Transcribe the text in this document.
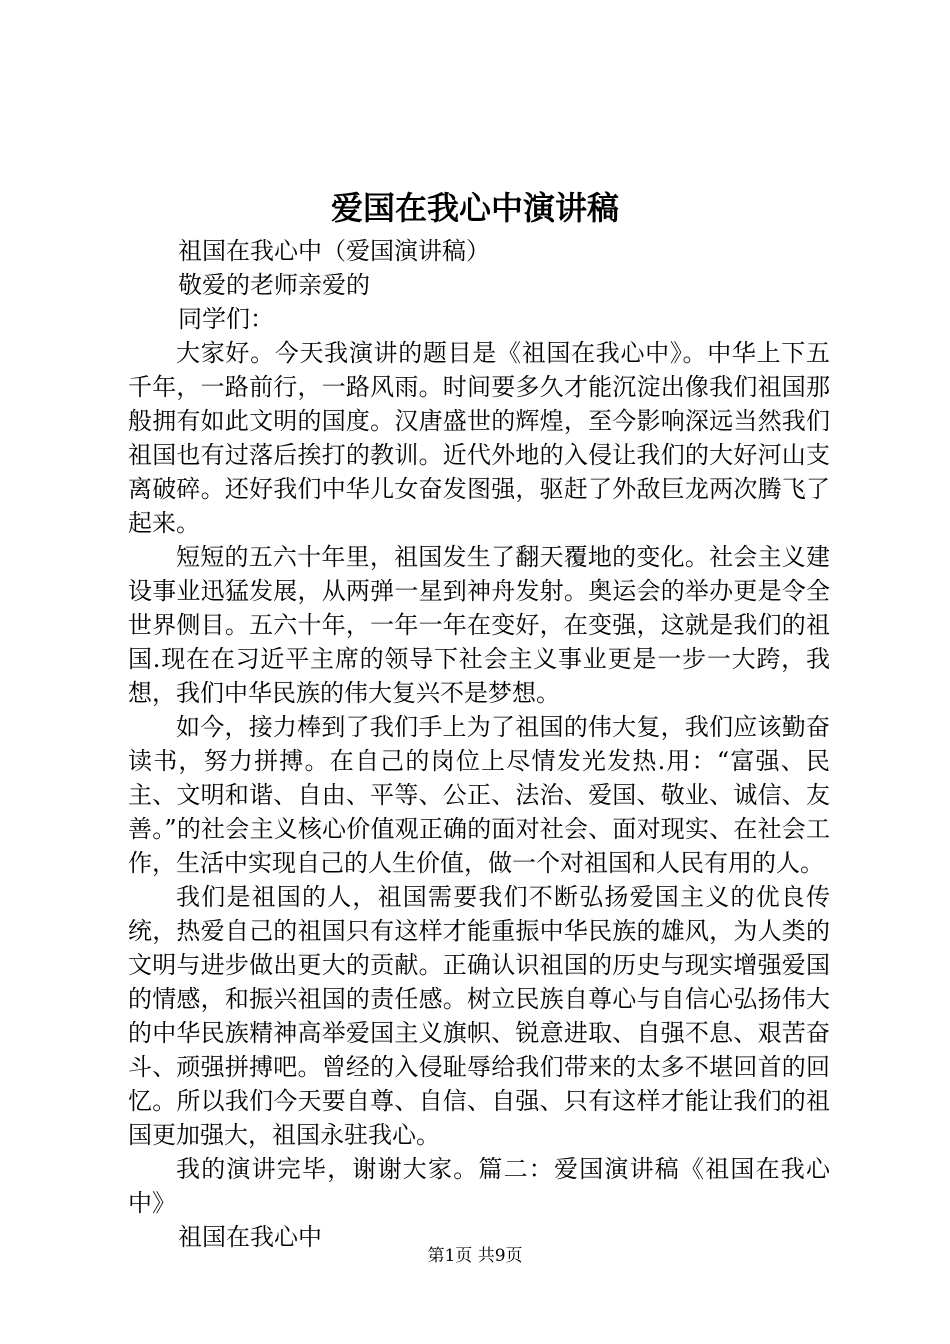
爱国在我心中演讲稿

祖国在我心中（爱国演讲稿）

敬爱的老师亲爱的

同学们：

大家好。今天我演讲的题目是《祖国在我心中》。中华上下五千年，一路前行，一路风雨。时间要多久才能沉淀出像我们祖国那般拥有如此文明的国度。汉唐盛世的辉煌，至今影响深远当然我们祖国也有过落后挨打的教训。近代外地的入侵让我们的大好河山支离破碎。还好我们中华儿女奋发图强，驱赶了外敌巨龙两次腾飞了起来。

短短的五六十年里，祖国发生了翻天覆地的变化。社会主义建设事业迅猛发展，从两弹一星到神舟发射。奥运会的举办更是令全世界侧目。五六十年，一年一年在变好，在变强，这就是我们的祖国.现在在习近平主席的领导下社会主义事业更是一步一大跨，我想，我们中华民族的伟大复兴不是梦想。

如今，接力棒到了我们手上为了祖国的伟大复，我们应该勤奋读书，努力拼搏。在自己的岗位上尽情发光发热.用：“富强、民主、文明和谐、自由、平等、公正、法治、爱国、敬业、诚信、友善。”的社会主义核心价值观正确的面对社会、面对现实、在社会工作，生活中实现自己的人生价值，做一个对祖国和人民有用的人。

我们是祖国的人，祖国需要我们不断弘扬爱国主义的优良传统，热爱自己的祖国只有这样才能重振中华民族的雄风，为人类的文明与进步做出更大的贡献。正确认识祖国的历史与现实增强爱国的情感，和振兴祖国的责任感。树立民族自尊心与自信心弘扬伟大的中华民族精神高举爱国主义旗帜、锐意进取、自强不息、艰苦奋斗、顽强拼搏吧。曾经的入侵耻辱给我们带来的太多不堪回首的回忆。所以我们今天要自尊、自信、自强、只有这样才能让我们的祖国更加强大，祖国永驻我心。

我的演讲完毕，谢谢大家。篇二：爱国演讲稿《祖国在我心中》

祖国在我心中

第1页 共9页
